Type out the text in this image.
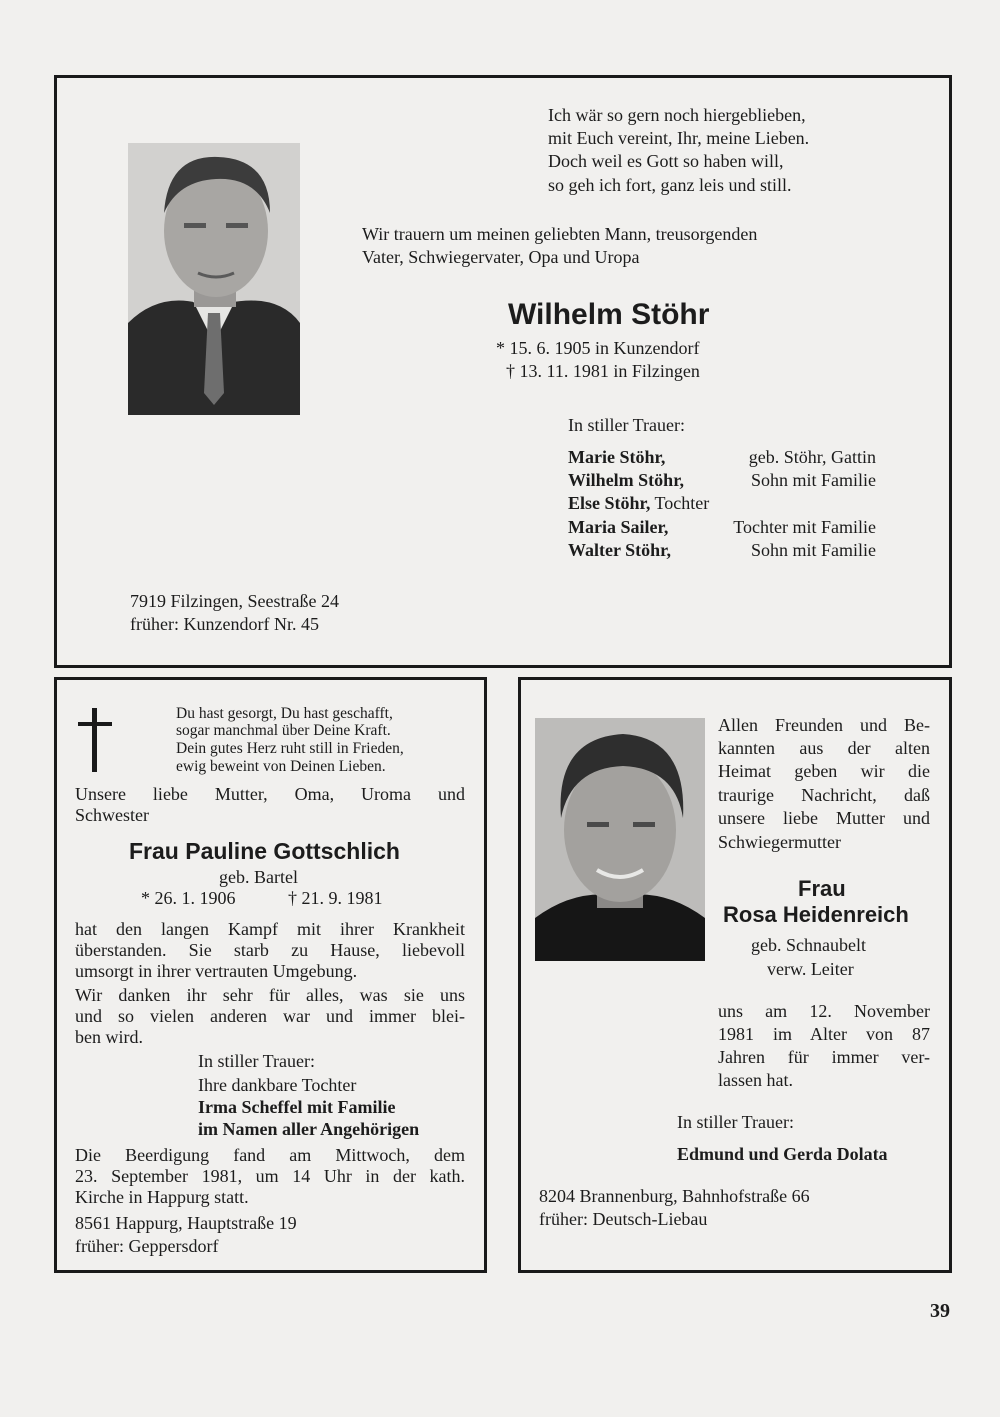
Ich wär so gern noch hiergeblieben,

mit Euch vereint, Ihr, meine Lieben.

Doch weil es Gott so haben will,

so geh ich fort, ganz leis und still.

Wir trauern um meinen geliebten Mann, treusorgenden

Vater, Schwiegervater, Opa und Uropa

Wilhelm Stöhr

* 15. 6. 1905 in Kunzendorf

† 13. 11. 1981 in Filzingen

In stiller Trauer:

Marie Stöhr,	geb. Stöhr, Gattin

Wilhelm Stöhr,	Sohn mit Familie

Else Stöhr, Tochter

Maria Sailer,	Tochter mit Familie

Walter Stöhr,	Sohn mit Familie

7919 Filzingen, Seestraße 24

früher: Kunzendorf Nr. 45

Du hast gesorgt, Du hast geschafft,

sogar manchmal über Deine Kraft.

Dein gutes Herz ruht still in Frieden,

ewig beweint von Deinen Lieben.

Unsere liebe Mutter, Oma, Uroma und

Schwester

Frau Pauline Gottschlich

geb. Bartel

* 26. 1. 1906	† 21. 9. 1981

hat den langen Kampf mit ihrer Krankheit

überstanden. Sie starb zu Hause, liebevoll

umsorgt in ihrer vertrauten Umgebung.

Wir danken ihr sehr für alles, was sie uns

und so vielen anderen war und immer blei-

ben wird.

In stiller Trauer:

Ihre dankbare Tochter

Irma Scheffel mit Familie

im Namen aller Angehörigen

Die Beerdigung fand am Mittwoch, dem

23. September 1981, um 14 Uhr in der kath.

Kirche in Happurg statt.

8561 Happurg, Hauptstraße 19

früher: Geppersdorf

Allen Freunden und Be-

kannten aus der alten

Heimat geben wir die

traurige Nachricht, daß

unsere liebe Mutter und

Schwiegermutter

Frau

Rosa Heidenreich

geb. Schnaubelt

verw. Leiter

uns am 12. November

1981 im Alter von 87

Jahren für immer ver-

lassen hat.

In stiller Trauer:

Edmund und Gerda Dolata

8204 Brannenburg, Bahnhofstraße 66

früher: Deutsch-Liebau

39
